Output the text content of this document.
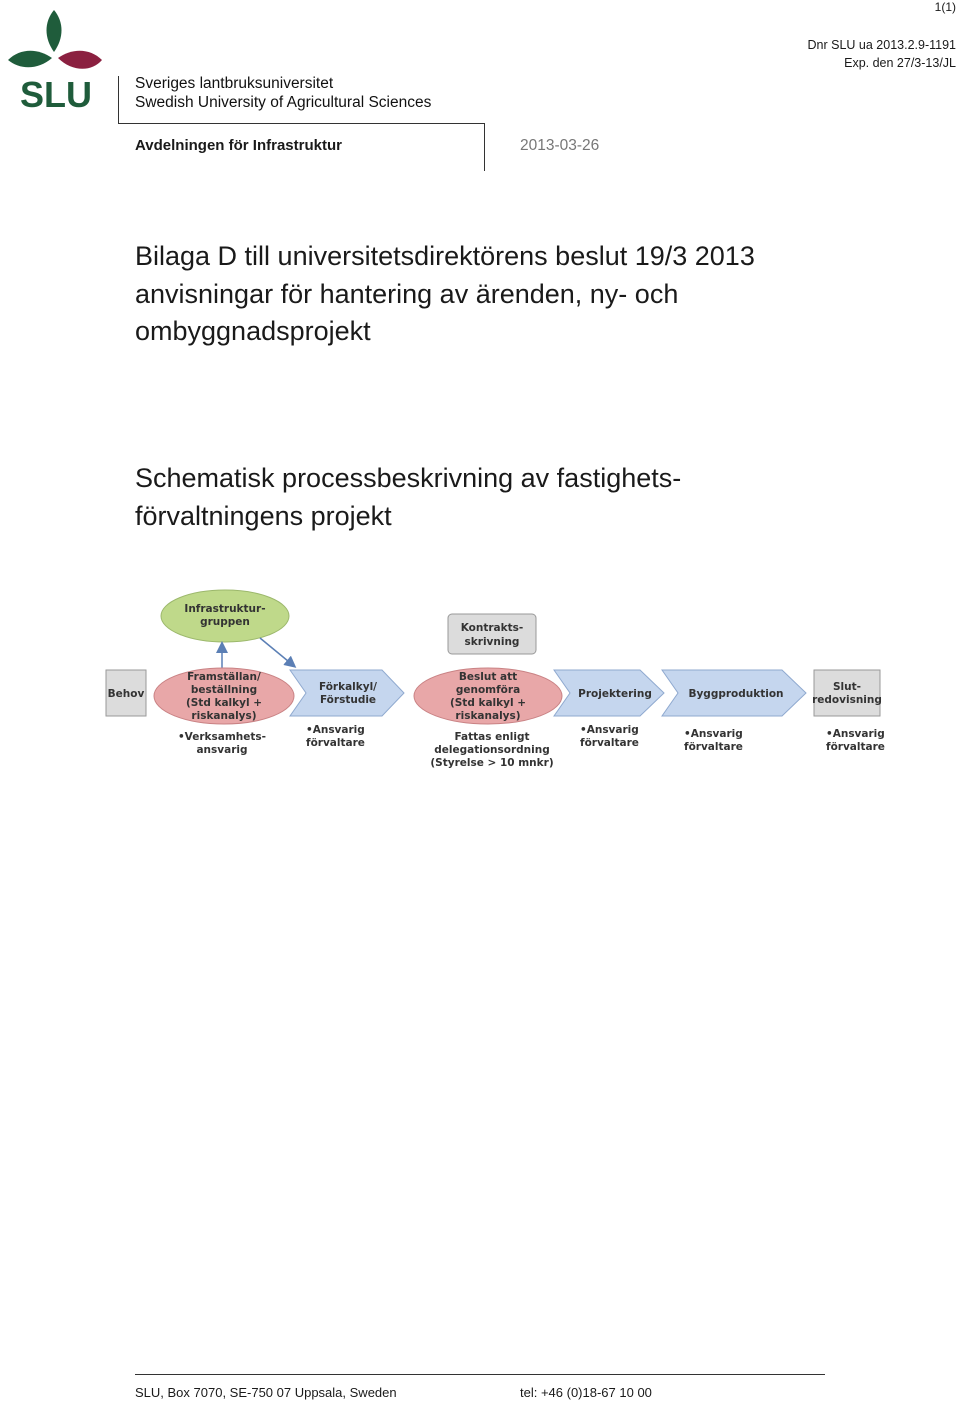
1(1)
Dnr SLU ua 2013.2.9-1191
Exp. den 27/3-13/JL
SLU	Sveriges lantbruksuniversitet
Swedish University of Agricultural Sciences
Avdelningen för Infrastruktur	2013-03-26
Bilaga D till universitetsdirektörens beslut 19/3 2013
anvisningar för hantering av ärenden, ny- och
ombyggnadsprojekt
Schematisk processbeskrivning av fastighets-
förvaltningens projekt
Infrastruktur-
gruppen	Kontrakts-
skrivning
Behov
Framställan/
beställning
(Std kalkyl +
riskanalys)
Förkalkyl/
Förstudie
Beslut att
genomföra
(Std kalkyl +
riskanalys)
Projektering	Byggproduktion
Slut-
redovisning
•Verksamhets-
ansvarig
•Ansvarig
förvaltare	Fattas enligt
delegationsordning
(Styrelse > 10 mnkr)
•Ansvarig
förvaltare
•Ansvarig
förvaltare
•Ansvarig
förvaltare
SLU, Box 7070, SE-750 07 Uppsala, Sweden	tel: +46 (0)18-67 10 00
